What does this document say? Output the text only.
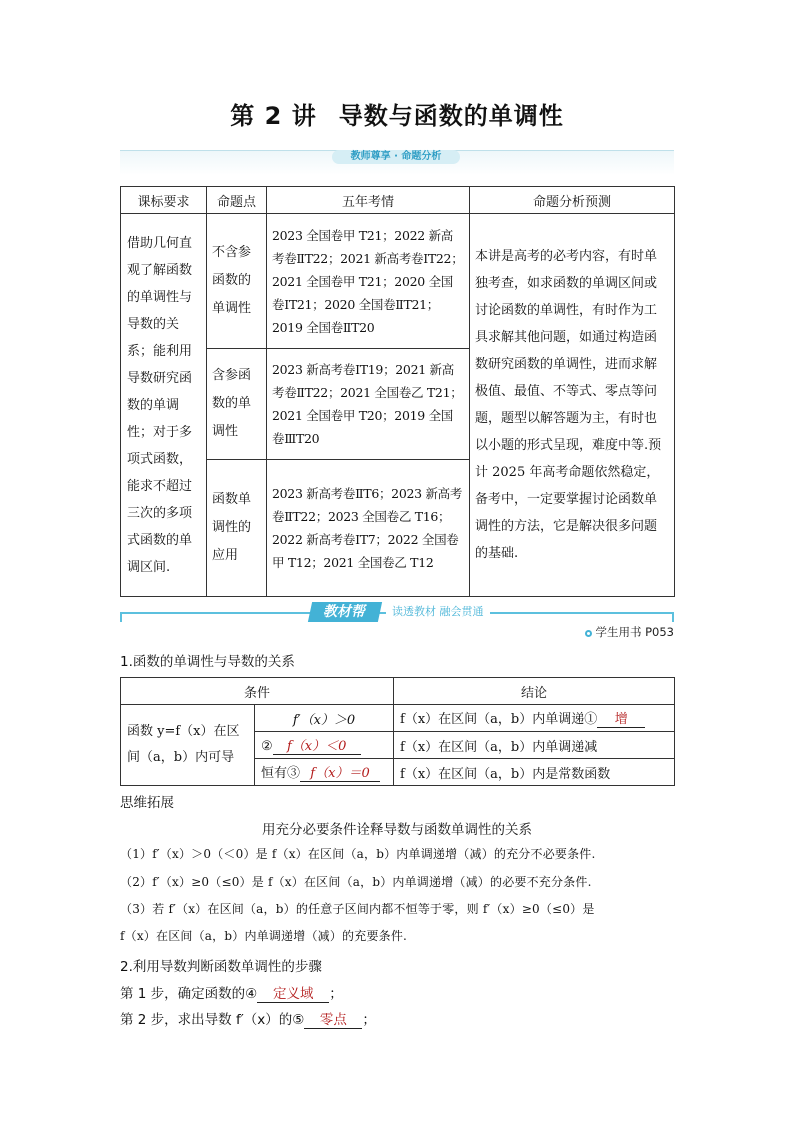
第 2 讲 导数与函数的单调性
教师尊享 · 命题分析
课标要求	命题点	五年考情	命题分析预测
借助几何直观了解函数的单调性与导数的关系；能利用导数研究函数的单调性；对于多项式函数，能求不超过三次的多项式函数的单调区间.	不含参函数的单调性	2023 全国卷甲 T21；2022 新高考卷ⅡT22；2021 新高考卷ⅠT22；2021 全国卷甲 T21；2020 全国卷ⅠT21；2020 全国卷ⅡT21；2019 全国卷ⅡT20	本讲是高考的必考内容，有时单独考查，如求函数的单调区间或讨论函数的单调性，有时作为工具求解其他问题，如通过构造函数研究函数的单调性，进而求解极值、最值、不等式、零点等问题，题型以解答题为主，有时也以小题的形式呈现，难度中等.预计 2025 年高考命题依然稳定，备考中，一定要掌握讨论函数单调性的方法，它是解决很多问题的基础.
	含参函数的单调性	2023 新高考卷ⅠT19；2021 新高考卷ⅡT22；2021 全国卷乙 T21；2021 全国卷甲 T20；2019 全国卷ⅢT20	
	函数单调性的应用	2023 新高考卷ⅡT6；2023 新高考卷ⅡT22；2023 全国卷乙 T16；2022 新高考卷ⅠT7；2022 全国卷甲 T12；2021 全国卷乙 T12	
教材帮	读透教材 融会贯通
学生用书 P053
1.函数的单调性与导数的关系
条件		结论
函数 y=f（x）在区间（a，b）内可导	f′（x）＞0	f（x）在区间（a，b）内单调递① 增
	② f（x）＜0	f（x）在区间（a，b）内单调递减
	恒有③ f（x）＝0	f（x）在区间（a，b）内是常数函数
思维拓展
用充分必要条件诠释导数与函数单调性的关系
（1）f′（x）＞0（＜0）是 f（x）在区间（a，b）内单调递增（减）的充分不必要条件.
（2）f′（x）≥0（≤0）是 f（x）在区间（a，b）内单调递增（减）的必要不充分条件.
（3）若 f′（x）在区间（a，b）的任意子区间内都不恒等于零，则 f′（x）≥0（≤0）是
f（x）在区间（a，b）内单调递增（减）的充要条件.
2.利用导数判断函数单调性的步骤
第 1 步，确定函数的④ 定义域 ；
第 2 步，求出导数 f′（x）的⑤ 零点 ；
